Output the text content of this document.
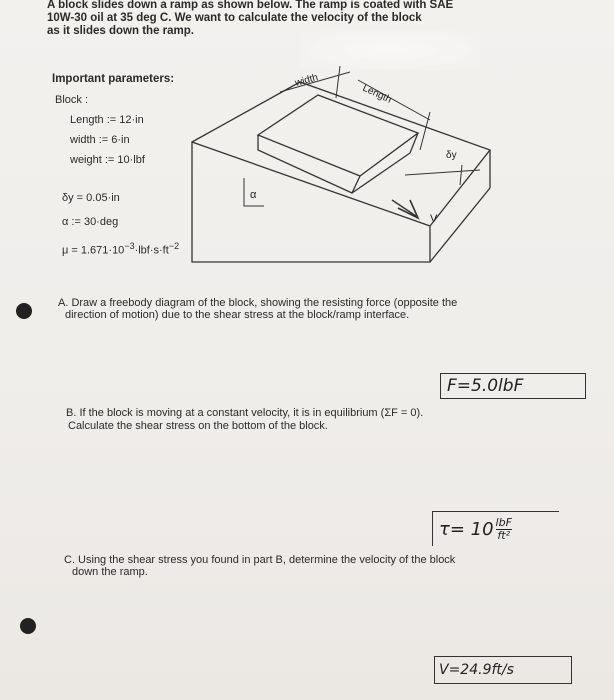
A block slides down a ramp as shown below. The ramp is coated with SAE
10W-30 oil at 35 deg C. We want to calculate the velocity of the block
as it slides down the ramp.
Important parameters:
Block :
Length := 12·in
width := 6·in
weight := 10·lbf
δy = 0.05·in
α := 30·deg
$\mu = 1.671\cdot 10^{-3}\cdot lbf\cdot s\cdot ft^{-2}$
width
Length
δy
α
V
A. Draw a freebody diagram of the block, showing the resisting force (opposite the
direction of motion) due to the shear stress at the block/ramp interface.
F=5.0lbF
B. If the block is moving at a constant velocity, it is in equilibrium (ΣF = 0).
Calculate the shear stress on the bottom of the block.
τ= 10 lbF
ft²
C. Using the shear stress you found in part B, determine the velocity of the block
down the ramp.
V=24.9ft/s
